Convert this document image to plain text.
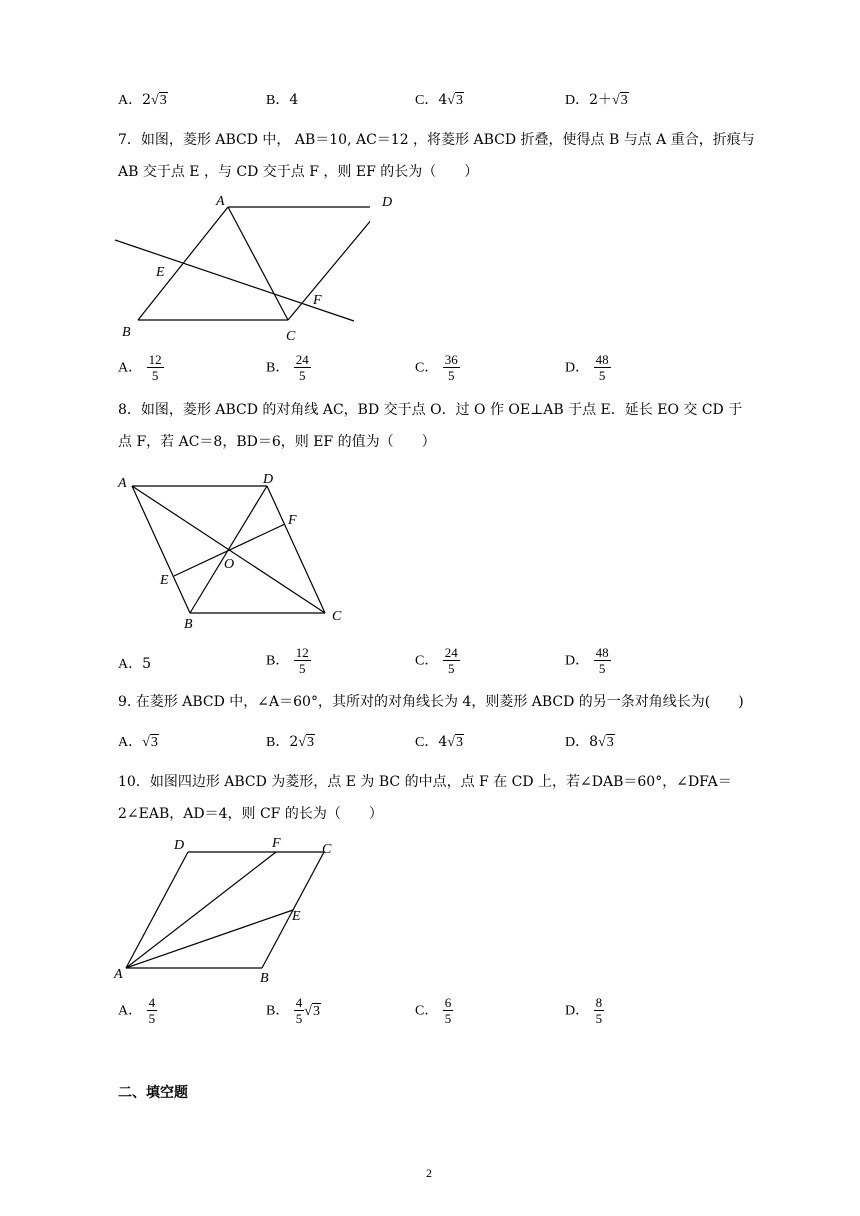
A．2√3	B．4	C．4√3	D．2＋√3
7．如图，菱形 ABCD 中， AB＝10, AC＝12 ，将菱形 ABCD 折叠，使得点 B 与点 A 重合，折痕与
AB 交于点 E ，与 CD 交于点 F ，则 EF 的长为（　　）
A
B	C
E
F
D
A． $\frac{12}{5}$	B． $\frac{24}{5}$	C． $\frac{36}{5}$	D． $\frac{48}{5}$
8．如图，菱形 ABCD 的对角线 AC，BD 交于点 O．过 O 作 OE⊥AB 于点 E．延长 EO 交 CD 于
点 F，若 AC＝8，BD＝6，则 EF 的值为（　　）
A
B
C
D
E
F
O
A．5	B． $\frac{12}{5}$	C． $\frac{24}{5}$	D． $\frac{48}{5}$
9. 在菱形 ABCD 中，∠A＝60°，其所对的对角线长为 4，则菱形 ABCD 的另一条对角线长为(　　)
A．√3	B．2√3	C．4√3	D．8√3
10．如图四边形 ABCD 为菱形，点 E 为 BC 的中点，点 F 在 CD 上，若∠DAB＝60°，∠DFA＝
2∠EAB，AD＝4，则 CF 的长为（　　）
D	F	C
E
A	B
A． $\frac{4}{5}$	B． $\frac{4}{5} √3$	C． $\frac{6}{5}$	D． $\frac{8}{5}$
二、填空题
2
